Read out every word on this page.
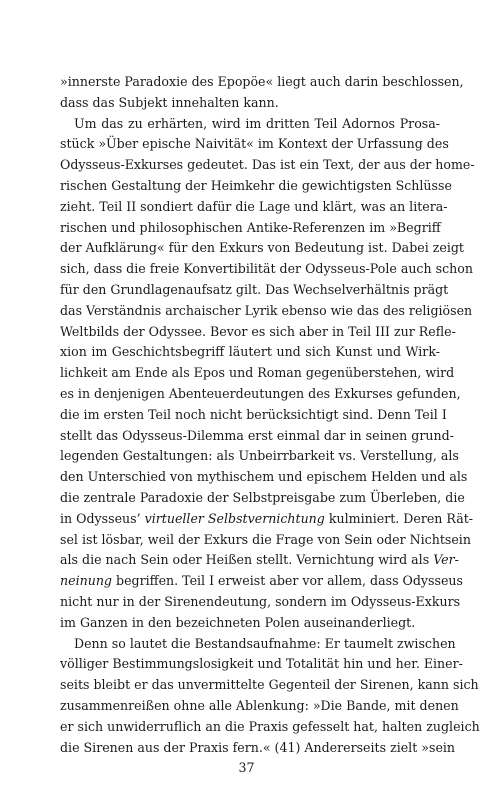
»innerste Paradoxie des Epopöe« liegt auch darin beschlossen,
dass das Subjekt innehalten kann.
Um das zu erhärten, wird im dritten Teil Adornos Prosa-
stück »Über epische Naivität« im Kontext der Urfassung des
Odysseus-Exkurses gedeutet. Das ist ein Text, der aus der home-
rischen Gestaltung der Heimkehr die gewichtigsten Schlüsse
zieht. Teil II sondiert dafür die Lage und klärt, was an litera-
rischen und philosophischen Antike-Referenzen im »Begriff
der Aufklärung« für den Exkurs von Bedeutung ist. Dabei zeigt
sich, dass die freie Konvertibilität der Odysseus-Pole auch schon
für den Grundlagenaufsatz gilt. Das Wechselverhältnis prägt
das Verständnis archaischer Lyrik ebenso wie das des religiösen
Weltbilds der Odyssee. Bevor es sich aber in Teil III zur Refle-
xion im Geschichtsbegriff läutert und sich Kunst und Wirk-
lichkeit am Ende als Epos und Roman gegenüberstehen, wird
es in denjenigen Abenteuerdeutungen des Exkurses gefunden,
die im ersten Teil noch nicht berücksichtigt sind. Denn Teil I
stellt das Odysseus-Dilemma erst einmal dar in seinen grund-
legenden Gestaltungen: als Unbeirrbarkeit vs. Verstellung, als
den Unterschied von mythischem und epischem Helden und als
die zentrale Paradoxie der Selbstpreisgabe zum Überleben, die
in Odysseus’ virtueller Selbstvernichtung kulminiert. Deren Rät-
sel ist lösbar, weil der Exkurs die Frage von Sein oder Nichtsein
als die nach Sein oder Heißen stellt. Vernichtung wird als Ver-
neinung begriffen. Teil I erweist aber vor allem, dass Odysseus
nicht nur in der Sirenendeutung, sondern im Odysseus-Exkurs
im Ganzen in den bezeichneten Polen auseinanderliegt.
Denn so lautet die Bestandsaufnahme: Er taumelt zwischen
völliger Bestimmungslosigkeit und Totalität hin und her. Einer-
seits bleibt er das unvermittelte Gegenteil der Sirenen, kann sich
zusammenreißen ohne alle Ablenkung: »Die Bande, mit denen
er sich unwiderruflich an die Praxis gefesselt hat, halten zugleich
die Sirenen aus der Praxis fern.« (41) Andererseits zielt »sein
37
